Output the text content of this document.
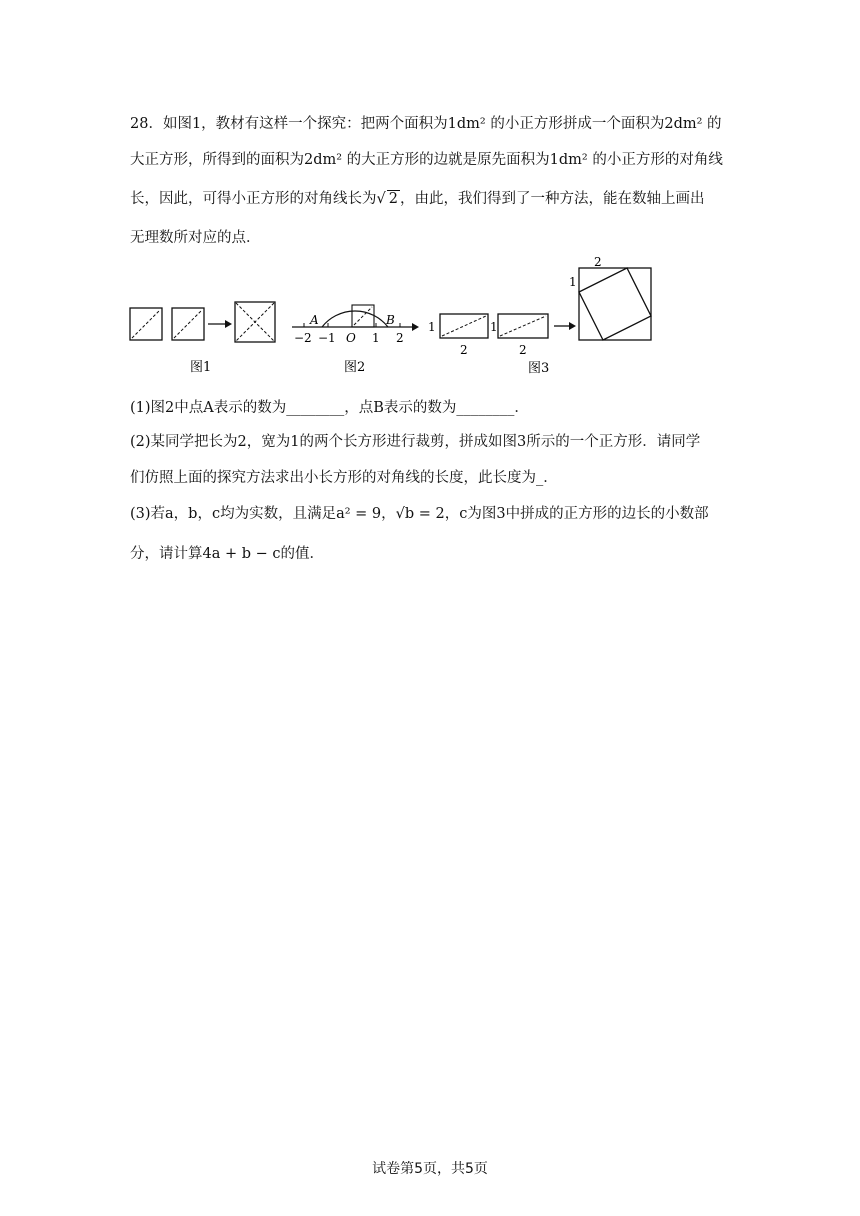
28．如图1，教材有这样一个探究：把两个面积为1dm² 的小正方形拼成一个面积为2dm² 的
大正方形，所得到的面积为2dm² 的大正方形的边就是原先面积为1dm² 的小正方形的对角线
长，因此，可得小正方形的对角线长为√ 2 ，由此，我们得到了一种方法，能在数轴上画出
无理数所对应的点．
图1
A	B
−2 −1 O 1 2
图2
1	1
2	2
2
1
图3
(1)图2中点A表示的数为________，点B表示的数为________．
(2)某同学把长为2，宽为1的两个长方形进行裁剪，拼成如图3所示的一个正方形．请同学
们仿照上面的探究方法求出小长方形的对角线的长度，此长度为_．
(3)若a，b，c均为实数，且满足a² = 9，√b = 2，c为图3中拼成的正方形的边长的小数部
分，请计算4a + b − c的值．
试卷第5页，共5页
